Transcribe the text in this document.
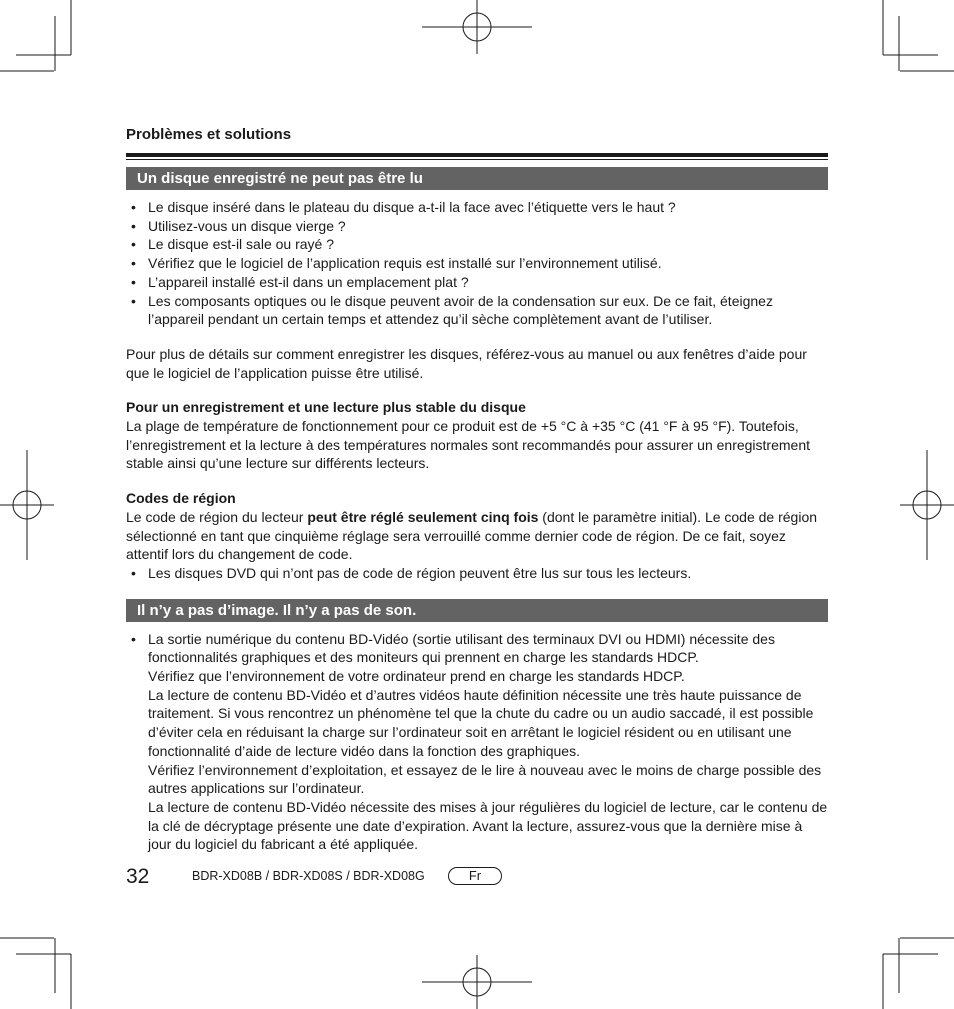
Problèmes et solutions
Un disque enregistré ne peut pas être lu
• Le disque inséré dans le plateau du disque a-t-il la face avec l’étiquette vers le haut ?
• Utilisez-vous un disque vierge ?
• Le disque est-il sale ou rayé ?
• Vérifiez que le logiciel de l’application requis est installé sur l’environnement utilisé.
• L’appareil installé est-il dans un emplacement plat ?
• Les composants optiques ou le disque peuvent avoir de la condensation sur eux. De ce fait, éteignez l’appareil pendant un certain temps et attendez qu’il sèche complètement avant de l’utiliser.

Pour plus de détails sur comment enregistrer les disques, référez-vous au manuel ou aux fenêtres d’aide pour que le logiciel de l’application puisse être utilisé.

Pour un enregistrement et une lecture plus stable du disque

La plage de température de fonctionnement pour ce produit est de +5 °C à +35 °C (41 °F à 95 °F). Toutefois, l’enregistrement et la lecture à des températures normales sont recommandés pour assurer un enregistrement stable ainsi qu’une lecture sur différents lecteurs.

Codes de région

Le code de région du lecteur peut être réglé seulement cinq fois (dont le paramètre initial). Le code de région sélectionné en tant que cinquième réglage sera verrouillé comme dernier code de région. De ce fait, soyez attentif lors du changement de code.

• Les disques DVD qui n’ont pas de code de région peuvent être lus sur tous les lecteurs.
Il n’y a pas d’image. Il n’y a pas de son.
• La sortie numérique du contenu BD-Vidéo (sortie utilisant des terminaux DVI ou HDMI) nécessite des fonctionnalités graphiques et des moniteurs qui prennent en charge les standards HDCP.
Vérifiez que l’environnement de votre ordinateur prend en charge les standards HDCP.
La lecture de contenu BD-Vidéo et d’autres vidéos haute définition nécessite une très haute puissance de traitement. Si vous rencontrez un phénomène tel que la chute du cadre ou un audio saccadé, il est possible d’éviter cela en réduisant la charge sur l’ordinateur soit en arrêtant le logiciel résident ou en utilisant une fonctionnalité d’aide de lecture vidéo dans la fonction des graphiques.
Vérifiez l’environnement d’exploitation, et essayez de le lire à nouveau avec le moins de charge possible des autres applications sur l’ordinateur.
La lecture de contenu BD-Vidéo nécessite des mises à jour régulières du logiciel de lecture, car le contenu de la clé de décryptage présente une date d’expiration. Avant la lecture, assurez-vous que la dernière mise à jour du logiciel du fabricant a été appliquée.
32	BDR-XD08B / BDR-XD08S / BDR-XD08G	Fr
